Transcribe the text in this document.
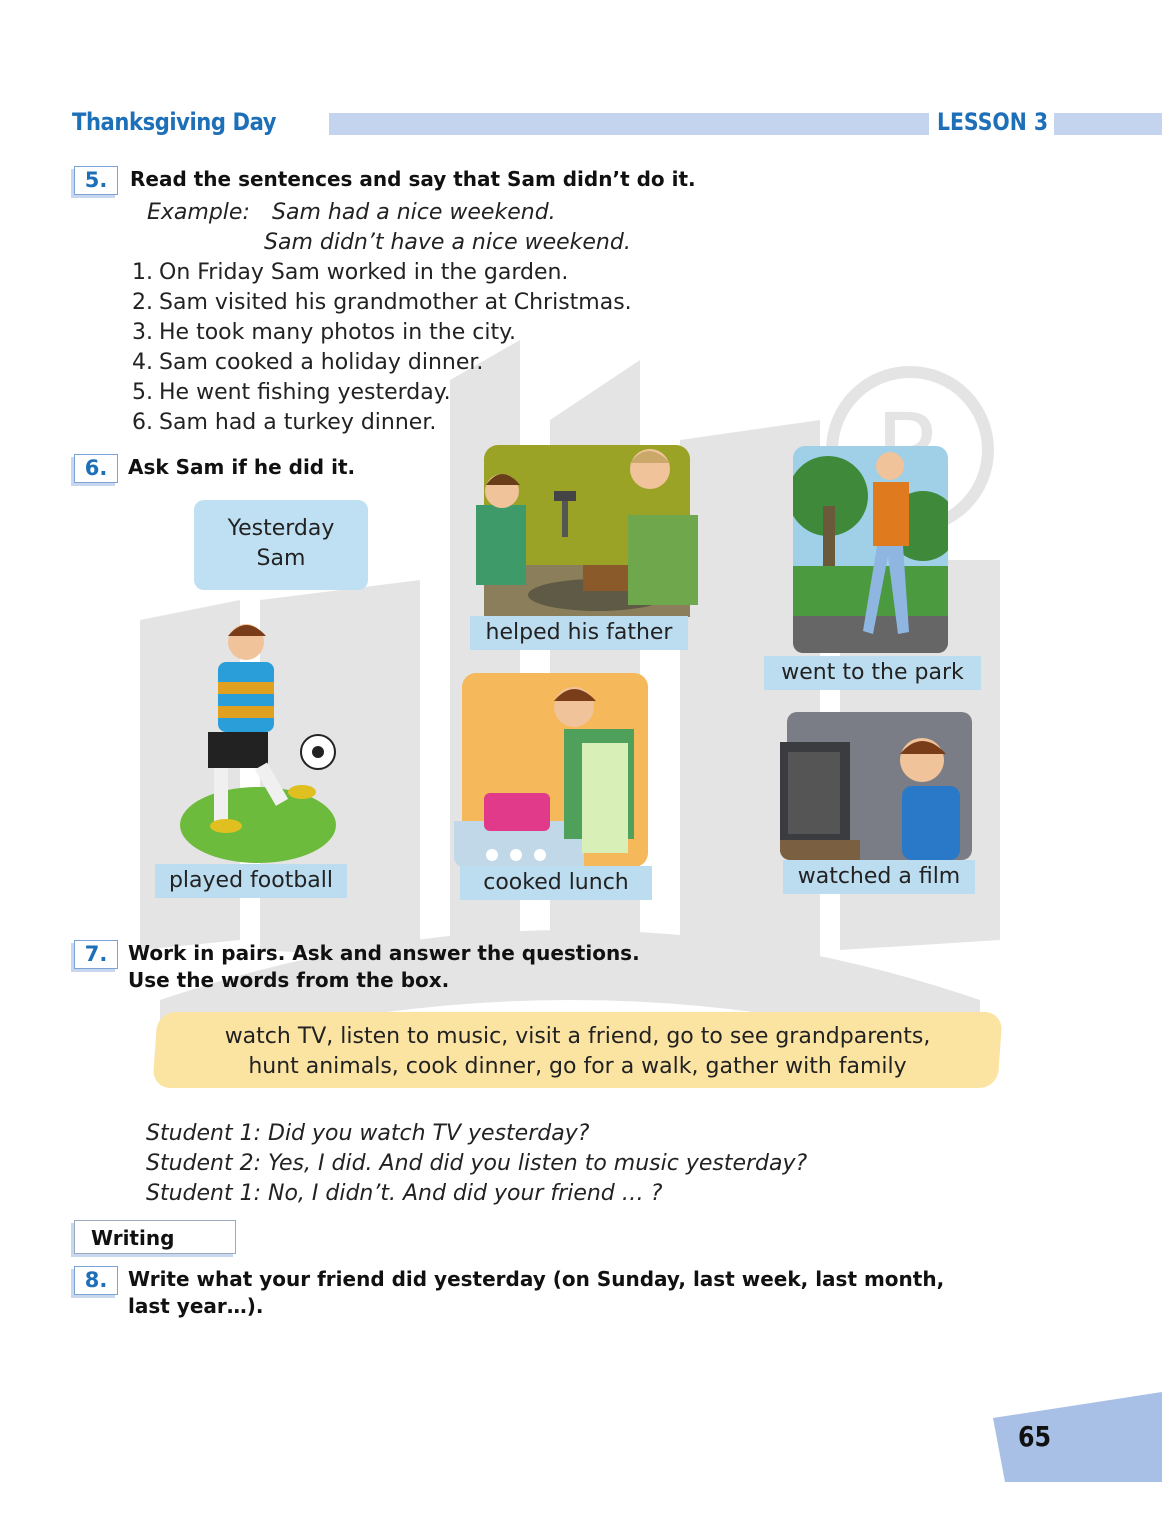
Thanksgiving Day	LESSON 3
5.	Read the sentences and say that Sam didn’t do it.
Example: Sam had a nice weekend.
Sam didn’t have a nice weekend.
1. On Friday Sam worked in the garden.
2. Sam visited his grandmother at Christmas.
3. He took many photos in the city.
4. Sam cooked a holiday dinner.
5. He went fishing yesterday.
6. Sam had a turkey dinner.
6.	Ask Sam if he did it.
Yesterday
Sam
helped his father
went to the park
played football	cooked lunch	watched a film
7.	Work in pairs. Ask and answer the questions.
Use the words from the box.
watch TV, listen to music, visit a friend, go to see grandparents,
hunt animals, cook dinner, go for a walk, gather with family
Student 1: Did you watch TV yesterday?
Student 2: Yes, I did. And did you listen to music yesterday?
Student 1: No, I didn’t. And did your friend … ?
Writing
8.	Write what your friend did yesterday (on Sunday, last week, last month,
last year…).
65
